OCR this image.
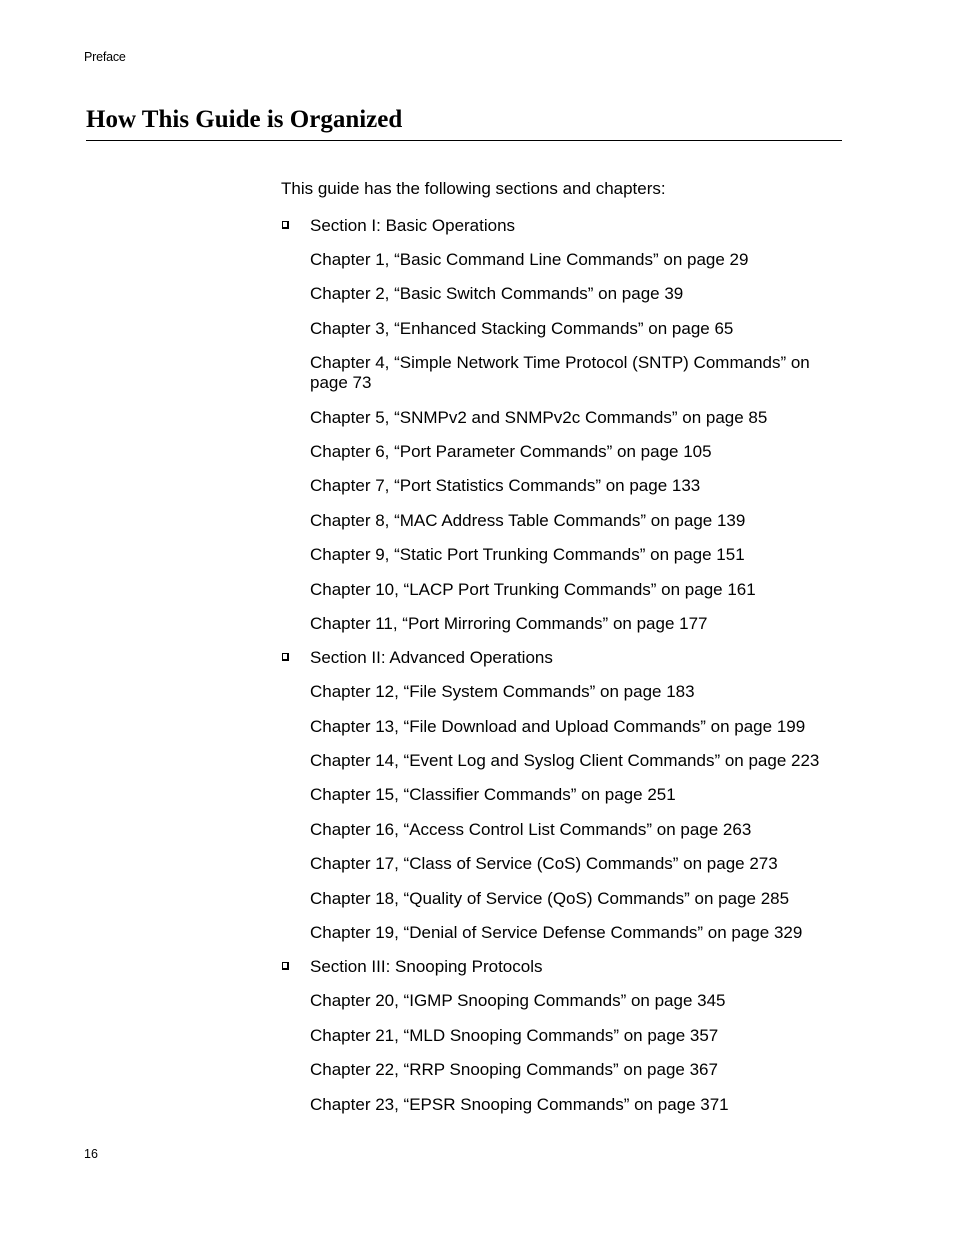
Preface
How This Guide is Organized
This guide has the following sections and chapters:
Section I: Basic Operations
Chapter 1, “Basic Command Line Commands” on page 29
Chapter 2, “Basic Switch Commands” on page 39
Chapter 3, “Enhanced Stacking Commands” on page 65
Chapter 4, “Simple Network Time Protocol (SNTP) Commands” on page 73
Chapter 5, “SNMPv2 and SNMPv2c Commands” on page 85
Chapter 6, “Port Parameter Commands” on page 105
Chapter 7, “Port Statistics Commands” on page 133
Chapter 8, “MAC Address Table Commands” on page 139
Chapter 9, “Static Port Trunking Commands” on page 151
Chapter 10, “LACP Port Trunking Commands” on page 161
Chapter 11, “Port Mirroring Commands” on page 177
Section II: Advanced Operations
Chapter 12, “File System Commands” on page 183
Chapter 13, “File Download and Upload Commands” on page 199
Chapter 14, “Event Log and Syslog Client Commands” on page 223
Chapter 15, “Classifier Commands” on page 251
Chapter 16, “Access Control List Commands” on page 263
Chapter 17, “Class of Service (CoS) Commands” on page 273
Chapter 18, “Quality of Service (QoS) Commands” on page 285
Chapter 19, “Denial of Service Defense Commands” on page 329
Section III: Snooping Protocols
Chapter 20, “IGMP Snooping Commands” on page 345
Chapter 21, “MLD Snooping Commands” on page 357
Chapter 22, “RRP Snooping Commands” on page 367
Chapter 23, “EPSR Snooping Commands” on page 371
16
